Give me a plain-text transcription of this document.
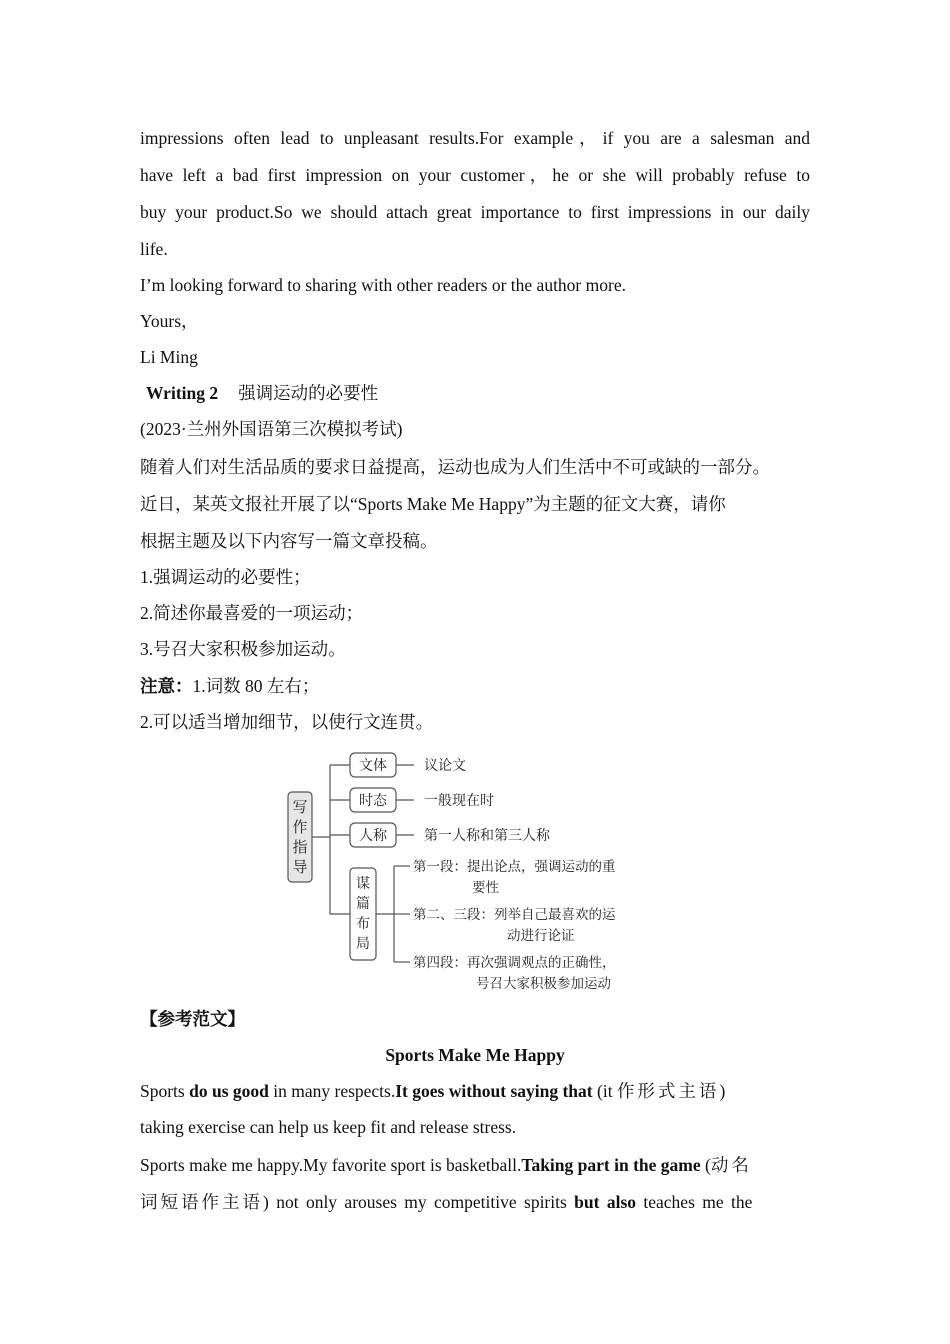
impressions often lead to unpleasant results.For example，if you are a salesman and
have left a bad first impression on your customer，he or she will probably refuse to
buy your product.So we should attach great importance to first impressions in our daily
life.
I’m looking forward to sharing with other readers or the author more.
Yours，
Li Ming
Writing 2 强调运动的必要性
(2023·兰州外国语第三次模拟考试)
随着人们对生活品质的要求日益提高，运动也成为人们生活中不可或缺的一部分。
近日，某英文报社开展了以“Sports Make Me Happy”为主题的征文大赛，请你
根据主题及以下内容写一篇文章投稿。
1.强调运动的必要性；
2.简述你最喜爱的一项运动；
3.号召大家积极参加运动。
注意：1.词数 80 左右；
2.可以适当增加细节，以使行文连贯。
【参考范文】
Sports Make Me Happy
Sports do us good in many respects.It goes without saying that (it 作形式主语)
taking exercise can help us keep fit and release stress.
Sports make me happy.My favorite sport is basketball.Taking part in the game (动名
词短语作主语) not only arouses my competitive spirits but also teaches me the
写
作
指
导
文体	议论文
时态	一般现在时
人称	第一人称和第三人称
谋
篇
布
局
第一段：提出论点，强调运动的重
要性
第二、三段：列举自己最喜欢的运
动进行论证
第四段：再次强调观点的正确性，
号召大家积极参加运动
